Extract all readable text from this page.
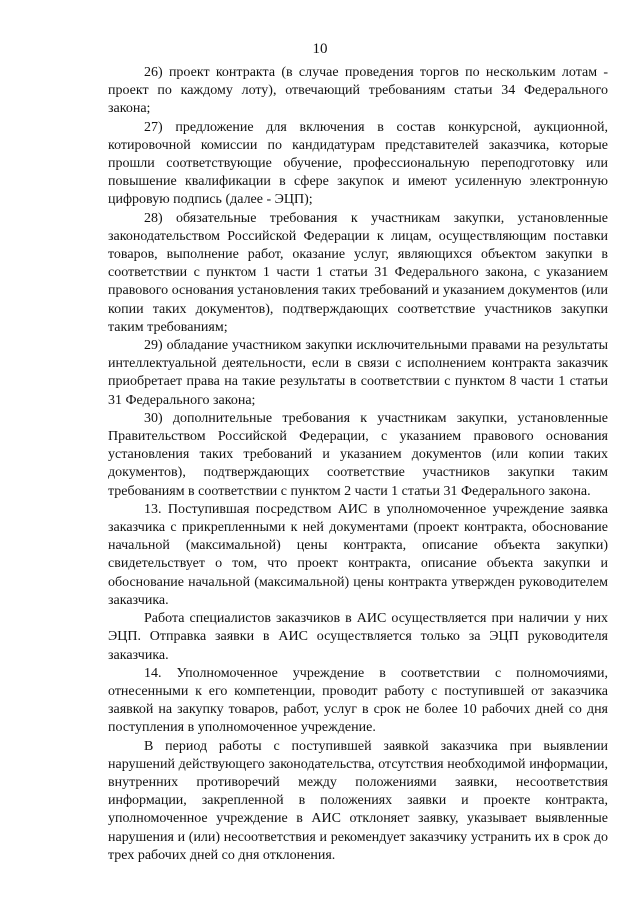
10

26) проект контракта (в случае проведения торгов по нескольким лотам - проект по каждому лоту), отвечающий требованиям статьи 34 Федерального закона;

27) предложение для включения в состав конкурсной, аукционной, котировочной комиссии по кандидатурам представителей заказчика, которые прошли соответствующие обучение, профессиональную переподготовку или повышение квалификации в сфере закупок и имеют усиленную электронную цифровую подпись (далее - ЭЦП);

28) обязательные требования к участникам закупки, установленные законодательством Российской Федерации к лицам, осуществляющим поставки товаров, выполнение работ, оказание услуг, являющихся объектом закупки в соответствии с пунктом 1 части 1 статьи 31 Федерального закона, с указанием правового основания установления таких требований и указанием документов (или копии таких документов), подтверждающих соответствие участников закупки таким требованиям;

29) обладание участником закупки исключительными правами на результаты интеллектуальной деятельности, если в связи с исполнением контракта заказчик приобретает права на такие результаты в соответствии с пунктом 8 части 1 статьи 31 Федерального закона;

30) дополнительные требования к участникам закупки, установленные Правительством Российской Федерации, с указанием правового основания установления таких требований и указанием документов (или копии таких документов), подтверждающих соответствие участников закупки таким требованиям в соответствии с пунктом 2 части 1 статьи 31 Федерального закона.

13. Поступившая посредством АИС в уполномоченное учреждение заявка заказчика с прикрепленными к ней документами (проект контракта, обоснование начальной (максимальной) цены контракта, описание объекта закупки) свидетельствует о том, что проект контракта, описание объекта закупки и обоснование начальной (максимальной) цены контракта утвержден руководителем заказчика.

Работа специалистов заказчиков в АИС осуществляется при наличии у них ЭЦП. Отправка заявки в АИС осуществляется только за ЭЦП руководителя заказчика.

14. Уполномоченное учреждение в соответствии с полномочиями, отнесенными к его компетенции, проводит работу с поступившей от заказчика заявкой на закупку товаров, работ, услуг в срок не более 10 рабочих дней со дня поступления в уполномоченное учреждение.

В период работы с поступившей заявкой заказчика при выявлении нарушений действующего законодательства, отсутствия необходимой информации, внутренних противоречий между положениями заявки, несоответствия информации, закрепленной в положениях заявки и проекте контракта, уполномоченное учреждение в АИС отклоняет заявку, указывает выявленные нарушения и (или) несоответствия и рекомендует заказчику устранить их в срок до трех рабочих дней со дня отклонения.
